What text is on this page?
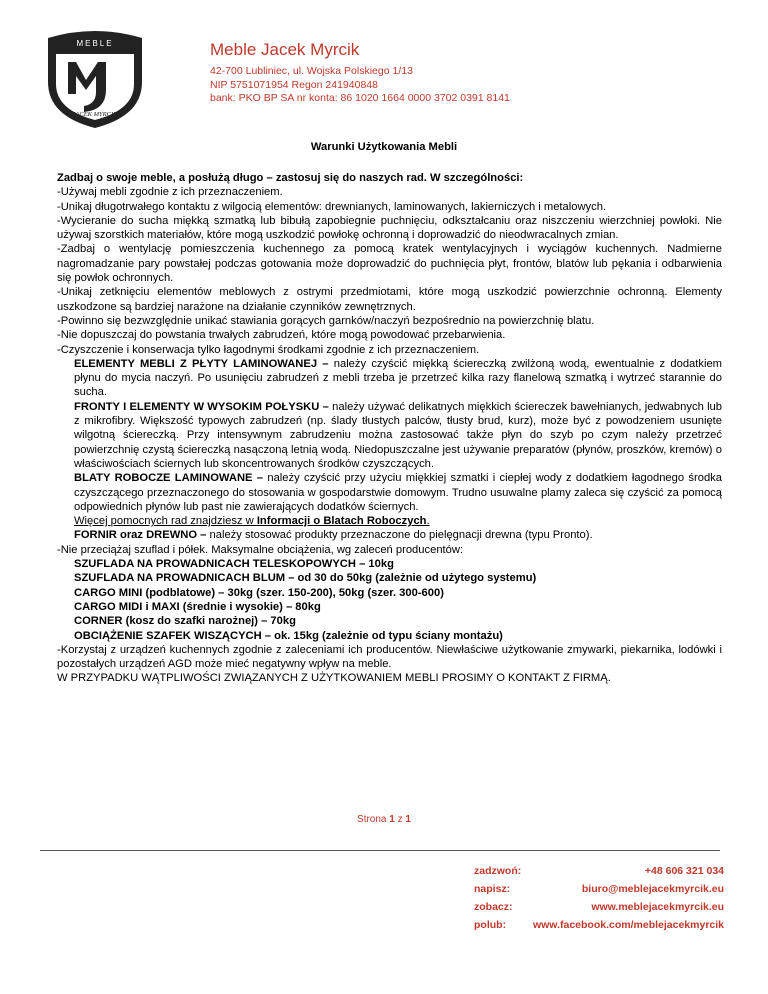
MEBLE
JACEK MYRCIK
Meble Jacek Myrcik
42-700 Lubliniec, ul. Wojska Polskiego 1/13
NIP 5751071954 Regon 241940848
bank: PKO BP SA nr konta: 86 1020 1664 0000 3702 0391 8141
Warunki Użytkowania Mebli

Zadbaj o swoje meble, a posłużą długo – zastosuj się do naszych rad. W szczególności:

-Używaj mebli zgodnie z ich przeznaczeniem.

-Unikaj długotrwałego kontaktu z wilgocią elementów: drewnianych, laminowanych, lakierniczych i metalowych.

-Wycieranie do sucha miękką szmatką lub bibułą zapobiegnie puchnięciu, odkształcaniu oraz niszczeniu wierzchniej powłoki. Nie używaj szorstkich materiałów, które mogą uszkodzić powłokę ochronną i doprowadzić do nieodwracalnych zmian.

-Zadbaj o wentylację pomieszczenia kuchennego za pomocą kratek wentylacyjnych i wyciągów kuchennych. Nadmierne nagromadzanie pary powstałej podczas gotowania może doprowadzić do puchnięcia płyt, frontów, blatów lub pękania i odbarwienia się powłok ochronnych.

-Unikaj zetknięciu elementów meblowych z ostrymi przedmiotami, które mogą uszkodzić powierzchnie ochronną. Elementy uszkodzone są bardziej narażone na działanie czynników zewnętrznych.

-Powinno się bezwzględnie unikać stawiania gorących garnków/naczyń bezpośrednio na powierzchnię blatu.

-Nie dopuszczaj do powstania trwałych zabrudzeń, które mogą powodować przebarwienia.

-Czyszczenie i konserwacja tylko łagodnymi środkami zgodnie z ich przeznaczeniem.

ELEMENTY MEBLI Z PŁYTY LAMINOWANEJ – należy czyścić miękką ściereczką zwilżoną wodą, ewentualnie z dodatkiem płynu do mycia naczyń. Po usunięciu zabrudzeń z mebli trzeba je przetrzeć kilka razy flanelową szmatką i wytrzeć starannie do sucha.

FRONTY I ELEMENTY W WYSOKIM POŁYSKU – należy używać delikatnych miękkich ściereczek bawełnianych, jedwabnych lub z mikrofibry. Większość typowych zabrudzeń (np. ślady tłustych palców, tłusty brud, kurz), może być z powodzeniem usunięte wilgotną ściereczką. Przy intensywnym zabrudzeniu można zastosować także płyn do szyb po czym należy przetrzeć powierzchnię czystą ściereczką nasączoną letnią wodą. Niedopuszczalne jest używanie preparatów (płynów, proszków, kremów) o właściwościach ściernych lub skoncentrowanych środków czyszczących.

BLATY ROBOCZE LAMINOWANE – należy czyścić przy użyciu miękkiej szmatki i ciepłej wody z dodatkiem łagodnego środka czyszczącego przeznaczonego do stosowania w gospodarstwie domowym. Trudno usuwalne plamy zaleca się czyścić za pomocą odpowiednich płynów lub past nie zawierających dodatków ściernych.

Więcej pomocnych rad znajdziesz w Informacji o Blatach Roboczych.

FORNIR oraz DREWNO – należy stosować produkty przeznaczone do pielęgnacji drewna (typu Pronto).

-Nie przeciążaj szuflad i półek. Maksymalne obciążenia, wg zaleceń producentów:

SZUFLADA NA PROWADNICACH TELESKOPOWYCH – 10kg

SZUFLADA NA PROWADNICACH BLUM – od 30 do 50kg (zależnie od użytego systemu)

CARGO MINI (podblatowe) – 30kg (szer. 150-200), 50kg (szer. 300-600)

CARGO MIDI i MAXI (średnie i wysokie) – 80kg

CORNER (kosz do szafki narożnej) – 70kg

OBCIĄŻENIE SZAFEK WISZĄCYCH – ok. 15kg (zależnie od typu ściany montażu)

-Korzystaj z urządzeń kuchennych zgodnie z zaleceniami ich producentów. Niewłaściwe użytkowanie zmywarki, piekarnika, lodówki i pozostałych urządzeń AGD może mieć negatywny wpływ na meble.

W PRZYPADKU WĄTPLIWOŚCI ZWIĄZANYCH Z UŻYTKOWANIEM MEBLI PROSIMY O KONTAKT Z FIRMĄ.

Strona 1 z 1
zadzwoń:	+48 606 321 034
napisz:	biuro@meblejacekmyrcik.eu
zobacz:	www.meblejacekmyrcik.eu
polub:	www.facebook.com/meblejacekmyrcik
